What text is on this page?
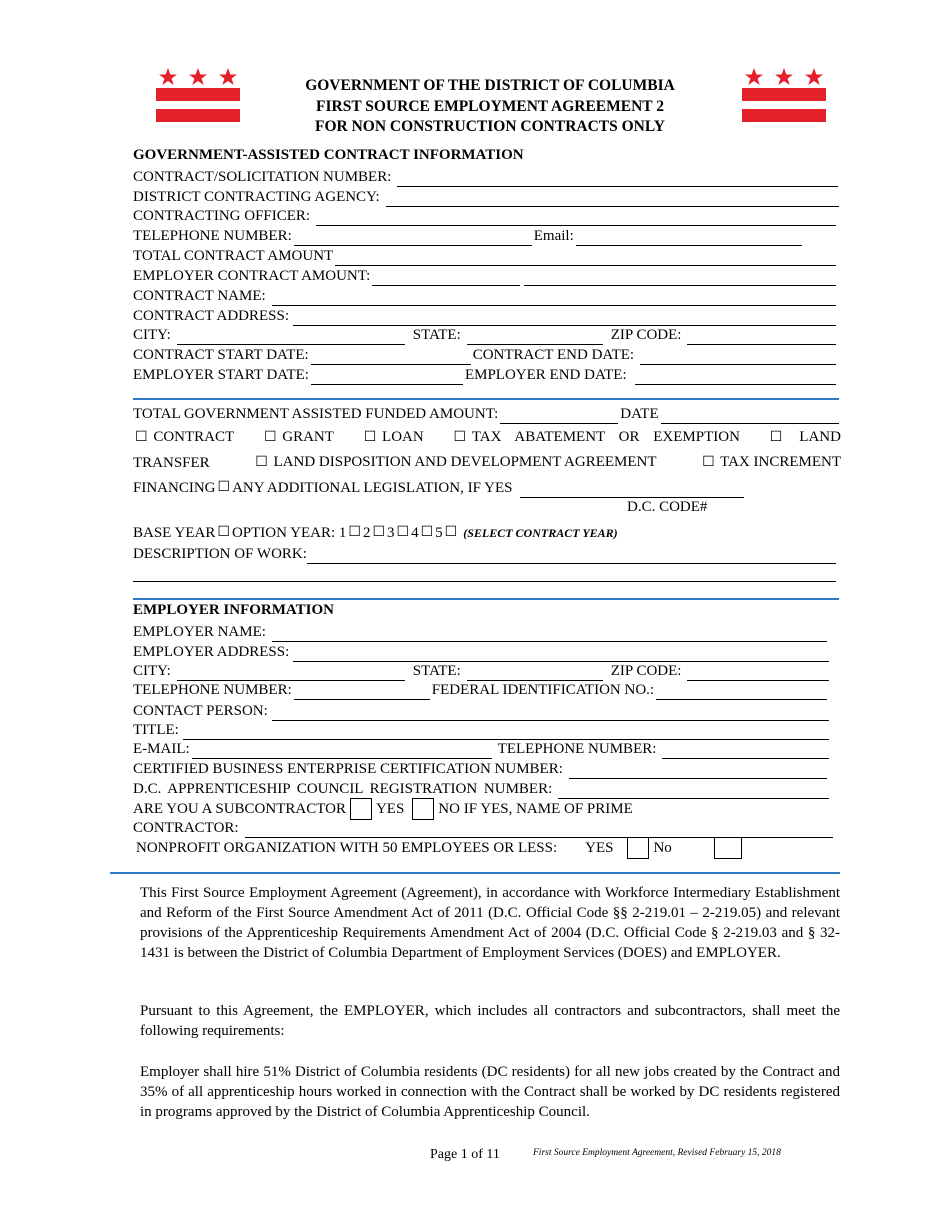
GOVERNMENT OF THE DISTRICT OF COLUMBIA
FIRST SOURCE EMPLOYMENT AGREEMENT 2
FOR NON CONSTRUCTION CONTRACTS ONLY
GOVERNMENT-ASSISTED CONTRACT INFORMATION
CONTRACT/SOLICITATION NUMBER:
DISTRICT CONTRACTING AGENCY:
CONTRACTING OFFICER:
TELEPHONE NUMBER:	Email:
TOTAL CONTRACT AMOUNT
EMPLOYER CONTRACT AMOUNT:
CONTRACT NAME:
CONTRACT ADDRESS:
CITY:	STATE:	ZIP CODE:
CONTRACT START DATE:	CONTRACT END DATE:
EMPLOYER START DATE:	EMPLOYER END DATE:
TOTAL GOVERNMENT ASSISTED FUNDED AMOUNT:	DATE
☐ CONTRACT ☐ GRANT ☐ LOAN ☐ TAX ABATEMENT OR EXEMPTION ☐ LAND
TRANSFER	☐ LAND DISPOSITION AND DEVELOPMENT AGREEMENT	☐ TAX INCREMENT
FINANCING ☐ ANY ADDITIONAL LEGISLATION, IF YES
D.C. CODE#
BASE YEAR ☐ OPTION YEAR: 1 ☐ 2 ☐ 3 ☐ 4 ☐ 5 ☐ (SELECT CONTRACT YEAR)
DESCRIPTION OF WORK:
EMPLOYER INFORMATION
EMPLOYER NAME:
EMPLOYER ADDRESS:
CITY:	STATE:	ZIP CODE:
TELEPHONE NUMBER:	FEDERAL IDENTIFICATION NO.:
CONTACT PERSON:
TITLE:
E-MAIL:	TELEPHONE NUMBER:
CERTIFIED BUSINESS ENTERPRISE CERTIFICATION NUMBER:
D.C. APPRENTICESHIP COUNCIL REGISTRATION NUMBER:
ARE YOU A SUBCONTRACTOR YES NO IF YES, NAME OF PRIME
CONTRACTOR:
NONPROFIT ORGANIZATION WITH 50 EMPLOYEES OR LESS: YES	No

This First Source Employment Agreement (Agreement), in accordance with Workforce Intermediary Establishment and Reform of the First Source Amendment Act of 2011 (D.C. Official Code §§ 2-219.01 – 2-219.05) and relevant provisions of the Apprenticeship Requirements Amendment Act of 2004 (D.C. Official Code § 2-219.03 and § 32-1431 is between the District of Columbia Department of Employment Services (DOES) and EMPLOYER.

Pursuant to this Agreement, the EMPLOYER, which includes all contractors and subcontractors, shall meet the following requirements:

Employer shall hire 51% District of Columbia residents (DC residents) for all new jobs created by the Contract and 35% of all apprenticeship hours worked in connection with the Contract shall be worked by DC residents registered in programs approved by the District of Columbia Apprenticeship Council.

Page 1 of 11	First Source Employment Agreement, Revised February 15, 2018
